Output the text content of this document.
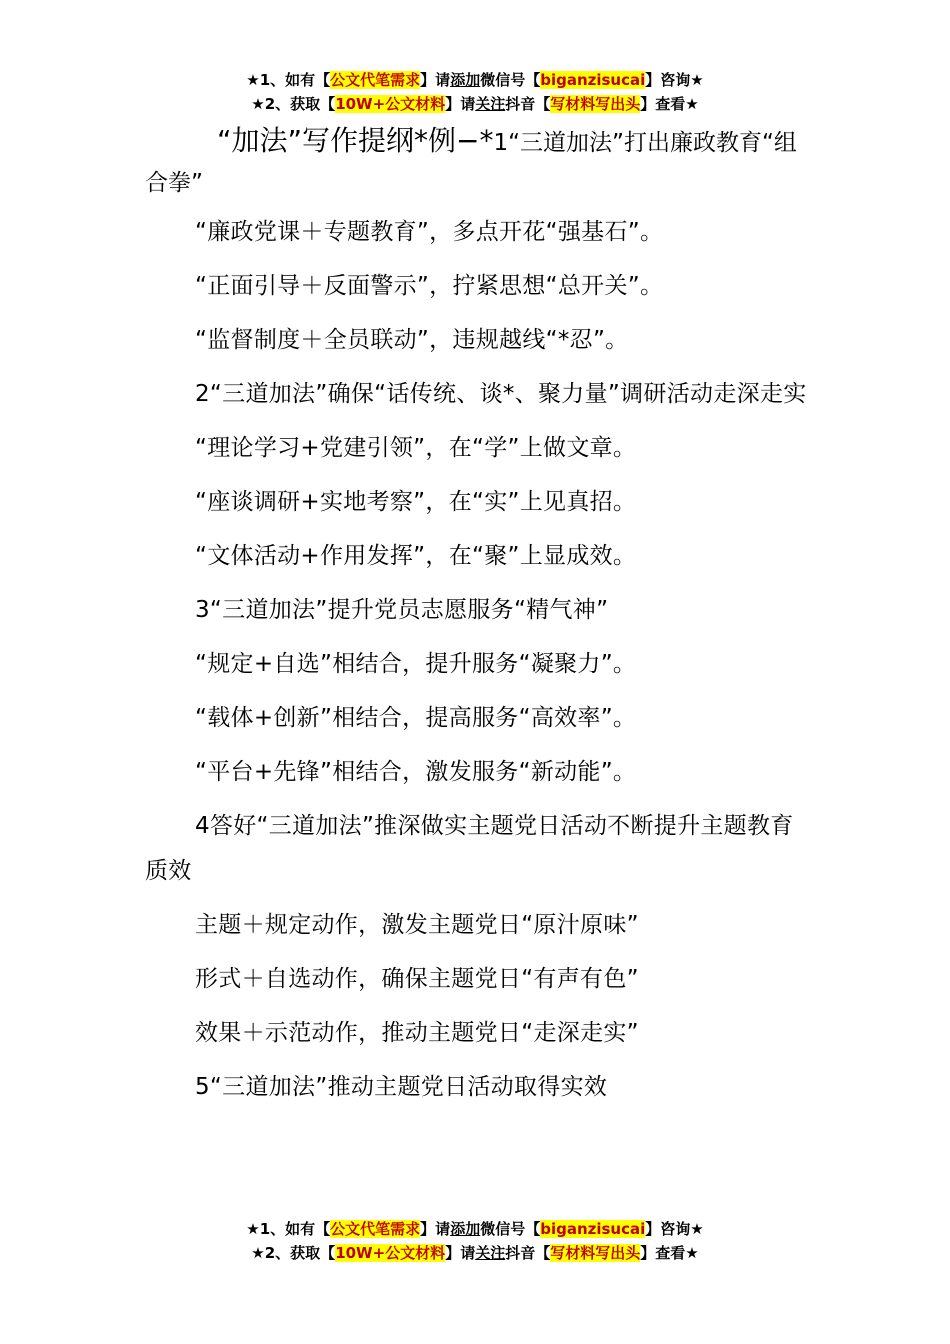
★1、如有【公文代笔需求】请添加微信号【biganzisucai】咨询★
★2、获取【10W+公文材料】请关注抖音【写材料写出头】查看★
“加法”写作提纲*例−*1“三道加法”打出廉政教育“组合拳”

“廉政党课＋专题教育”，多点开花“强基石”。

“正面引导＋反面警示”，拧紧思想“总开关”。

“监督制度＋全员联动”，违规越线“*忍”。

2“三道加法”确保“话传统、谈*、聚力量”调研活动走深走实

“理论学习+党建引领”，在“学”上做文章。

“座谈调研+实地考察”，在“实”上见真招。

“文体活动+作用发挥”，在“聚”上显成效。

3“三道加法”提升党员志愿服务“精气神”

“规定+自选”相结合，提升服务“凝聚力”。

“载体+创新”相结合，提高服务“高效率”。

“平台+先锋”相结合，激发服务“新动能”。

4答好“三道加法”推深做实主题党日活动不断提升主题教育质效

主题＋规定动作，激发主题党日“原汁原味”

形式＋自选动作，确保主题党日“有声有色”

效果＋示范动作，推动主题党日“走深走实”

5“三道加法”推动主题党日活动取得实效

★1、如有【公文代笔需求】请添加微信号【biganzisucai】咨询★
★2、获取【10W+公文材料】请关注抖音【写材料写出头】查看★
